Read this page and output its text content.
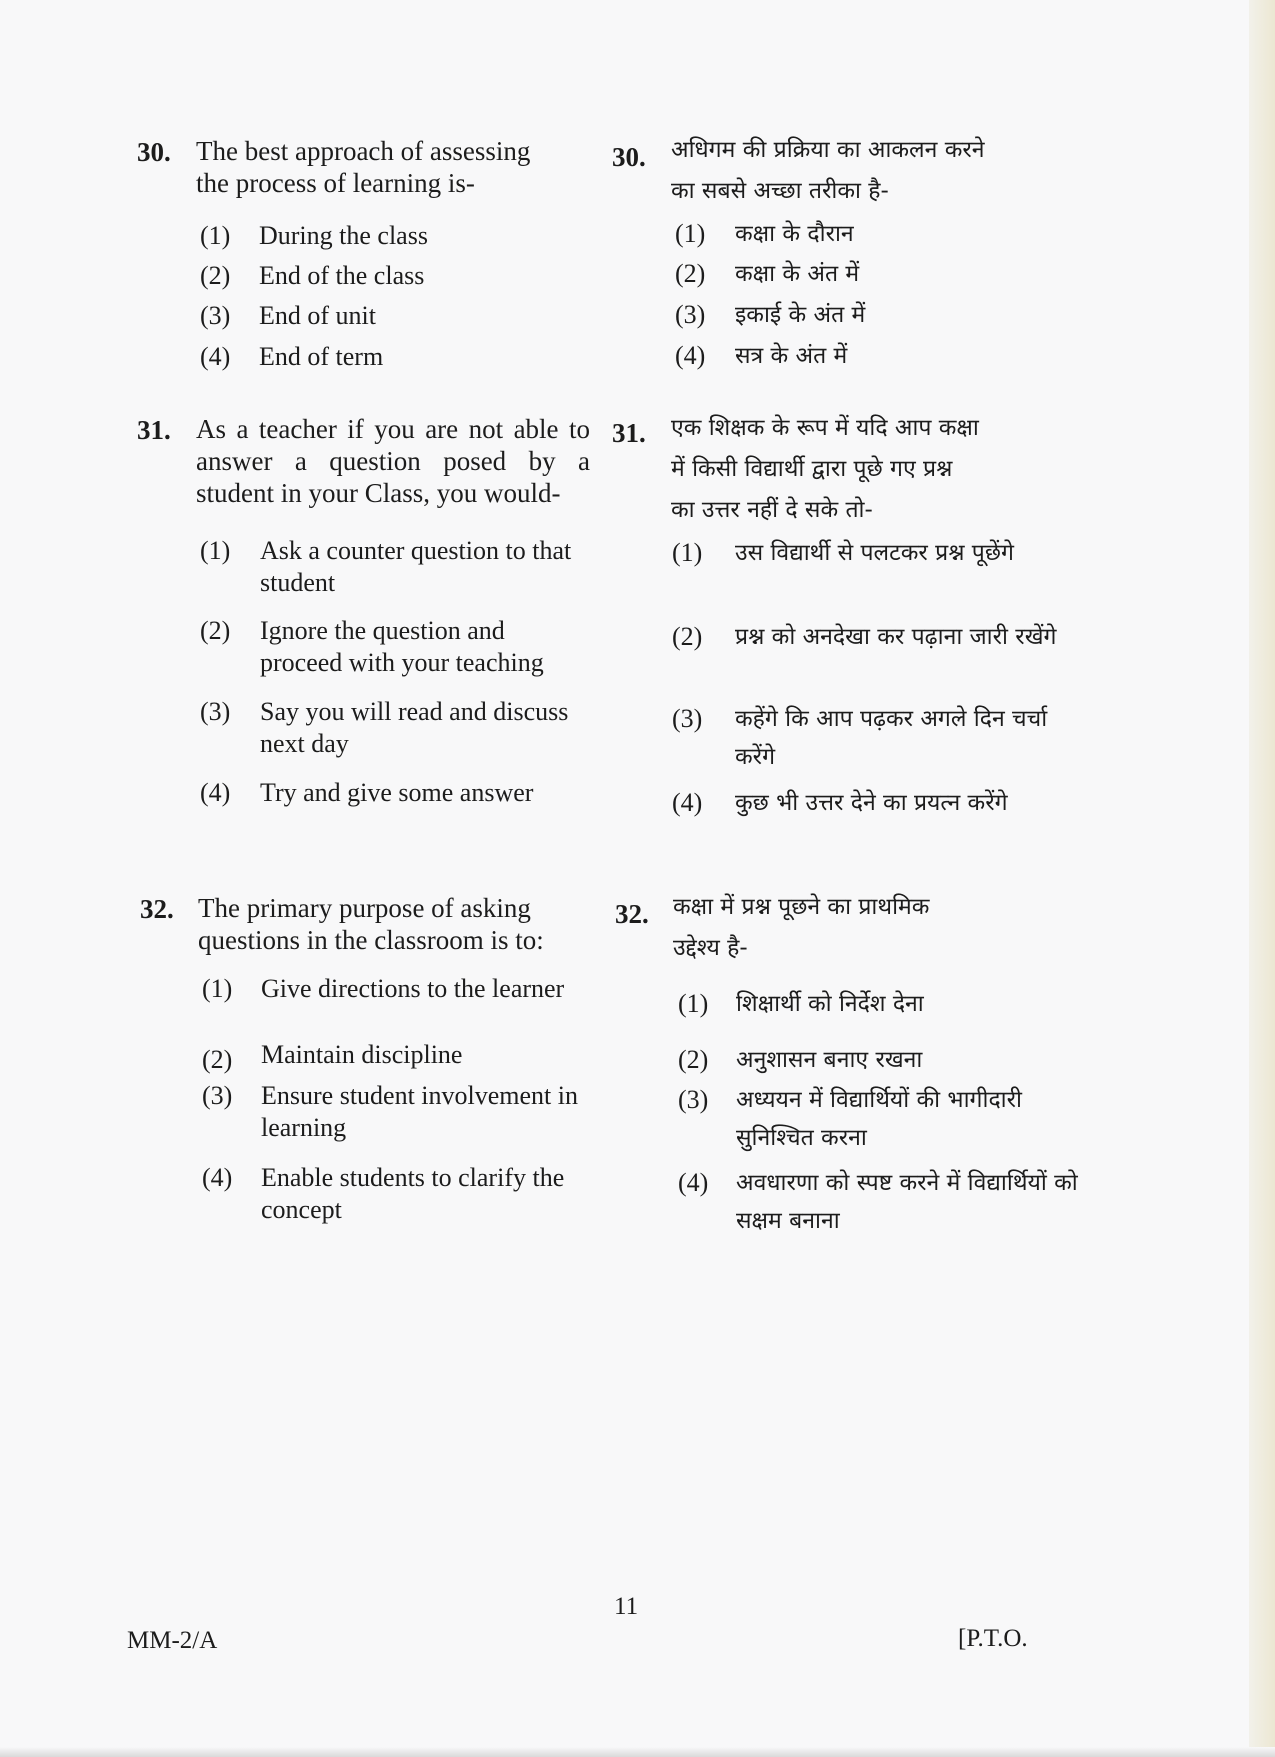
30. The best approach of assessing
the process of learning is-
(1)	During the class
(2)	End of the class
(3)	End of unit
(4)	End of term
30. अधिगम की प्रक्रिया का आकलन करने
का सबसे अच्छा तरीका है-
(1)	कक्षा के दौरान
(2)	कक्षा के अंत में
(3)	इकाई के अंत में
(4)	सत्र के अंत में
31. As a teacher if you are not able to answer a question posed by a student in your Class, you would-
(1)	Ask a counter question to that student
(2)	Ignore the question and proceed with your teaching
(3)	Say you will read and discuss next day
(4)	Try and give some answer
31. एक शिक्षक के रूप में यदि आप कक्षा
में किसी विद्यार्थी द्वारा पूछे गए प्रश्न
का उत्तर नहीं दे सके तो-
(1)	उस विद्यार्थी से पलटकर प्रश्न पूछेंगे
(2)	प्रश्न को अनदेखा कर पढ़ाना जारी रखेंगे
(3)	कहेंगे कि आप पढ़कर अगले दिन चर्चा करेंगे
(4)	कुछ भी उत्तर देने का प्रयत्न करेंगे
32. The primary purpose of asking
questions in the classroom is to:
(1)	Give directions to the learner
(2)	Maintain discipline
(3)	Ensure student involvement in learning
(4)	Enable students to clarify the concept
32. कक्षा में प्रश्न पूछने का प्राथमिक
उद्देश्य है-
(1)	शिक्षार्थी को निर्देश देना
(2)	अनुशासन बनाए रखना
(3)	अध्ययन में विद्यार्थियों की भागीदारी सुनिश्चित करना
(4)	अवधारणा को स्पष्ट करने में विद्यार्थियों को सक्षम बनाना
11
MM-2/A	[P.T.O.
